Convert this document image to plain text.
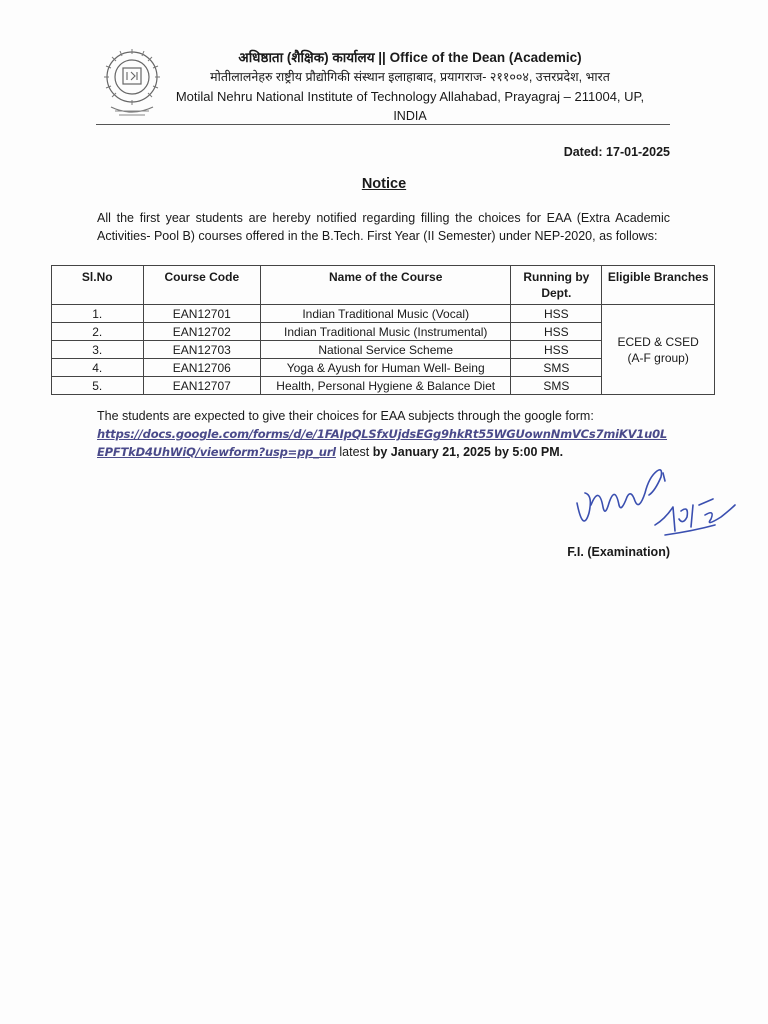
अधिष्ठाता (शैक्षिक) कार्यालय || Office of the Dean (Academic)
मोतीलालनेहरु राष्ट्रीय प्रौद्योगिकी संस्थान इलाहाबाद, प्रयागराज- २११००४, उत्तरप्रदेश, भारत
Motilal Nehru National Institute of Technology Allahabad, Prayagraj – 211004, UP,
INDIA
Dated: 17-01-2025
Notice
All the first year students are hereby notified regarding filling the choices for EAA (Extra Academic Activities- Pool B) courses offered in the B.Tech. First Year (II Semester) under NEP-2020, as follows:
Sl.No	Course Code	Name of the Course	Running by Dept.	Eligible Branches
1.	EAN12701	Indian Traditional Music (Vocal)	HSS	ECED & CSED
(A-F group)

2.	EAN12702	Indian Traditional Music (Instrumental)	HSS	
3.	EAN12703	National Service Scheme	HSS	
4.	EAN12706	Yoga & Ayush for Human Well- Being	SMS	
5.	EAN12707	Health, Personal Hygiene & Balance Diet	SMS	
The students are expected to give their choices for EAA subjects through the google form:
https://docs.google.com/forms/d/e/1FAIpQLSfxUjdsEGg9hkRt55WGUownNmVCs7miKV1u0LEPFTkD4UhWiQ/viewform?usp=pp_url latest by January 21, 2025 by 5:00 PM.
F.I. (Examination)
